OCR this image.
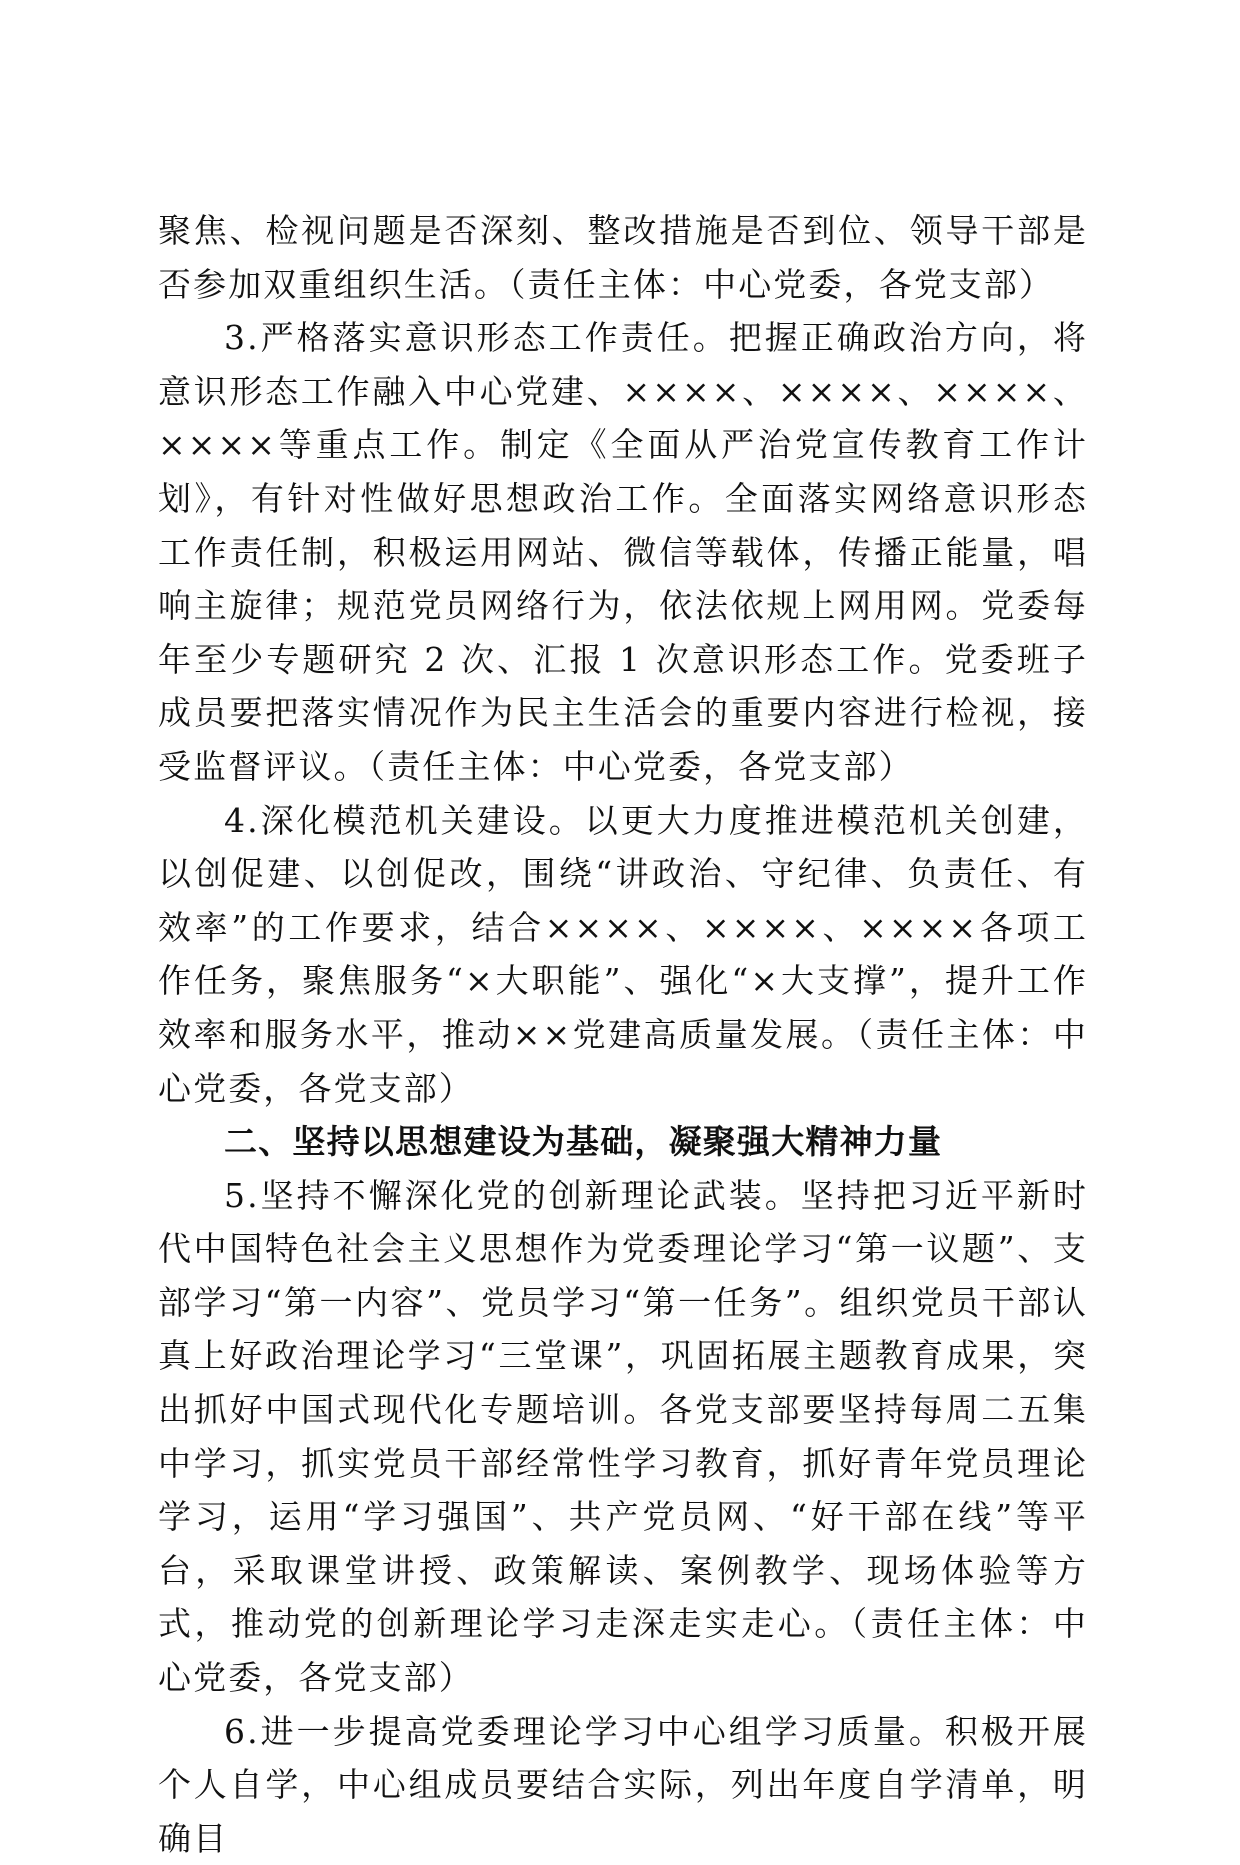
聚焦、检视问题是否深刻、整改措施是否到位、领导干部是否参加双重组织生活。（责任主体：中心党委，各党支部）

3.严格落实意识形态工作责任。把握正确政治方向，将意识形态工作融入中心党建、××××、××××、××××、××××等重点工作。制定《全面从严治党宣传教育工作计划》，有针对性做好思想政治工作。全面落实网络意识形态工作责任制，积极运用网站、微信等载体，传播正能量，唱响主旋律；规范党员网络行为，依法依规上网用网。党委每年至少专题研究 2 次、汇报 1 次意识形态工作。党委班子成员要把落实情况作为民主生活会的重要内容进行检视，接受监督评议。（责任主体：中心党委，各党支部）

4.深化模范机关建设。以更大力度推进模范机关创建，以创促建、以创促改，围绕“讲政治、守纪律、负责任、有效率”的工作要求，结合××××、××××、××××各项工作任务，聚焦服务“×大职能”、强化“×大支撑”，提升工作效率和服务水平，推动××党建高质量发展。（责任主体：中心党委，各党支部）

二、坚持以思想建设为基础，凝聚强大精神力量

5.坚持不懈深化党的创新理论武装。坚持把习近平新时代中国特色社会主义思想作为党委理论学习“第一议题”、支部学习“第一内容”、党员学习“第一任务”。组织党员干部认真上好政治理论学习“三堂课”，巩固拓展主题教育成果，突出抓好中国式现代化专题培训。各党支部要坚持每周二五集中学习，抓实党员干部经常性学习教育，抓好青年党员理论学习，运用“学习强国”、共产党员网、“好干部在线”等平台，采取课堂讲授、政策解读、案例教学、现场体验等方式，推动党的创新理论学习走深走实走心。（责任主体：中心党委，各党支部）

6.进一步提高党委理论学习中心组学习质量。积极开展个人自学，中心组成员要结合实际，列出年度自学清单，明确目
